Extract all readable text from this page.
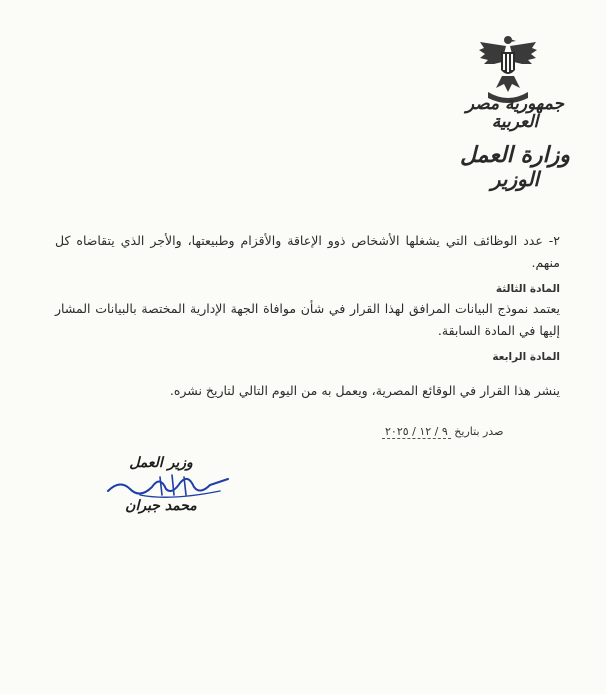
جمهورية مصر العربية
وزارة العمل
الوزير
٢- عدد الوظائف التي يشغلها الأشخاص ذوو الإعاقة والأقزام وطبيعتها، والأجر الذي يتقاضاه كل منهم.
المادة الثالثة
يعتمد نموذج البيانات المرافق لهذا القرار في شأن موافاة الجهة الإدارية المختصة بالبيانات المشار إليها في المادة السابقة.
المادة الرابعة
ينشر هذا القرار في الوقائع المصرية، ويعمل به من اليوم التالي لتاريخ نشره.
صدر بتاريخ ٩ / ١٢ / ٢٠٢٥
وزير العمل
محمد جبران
